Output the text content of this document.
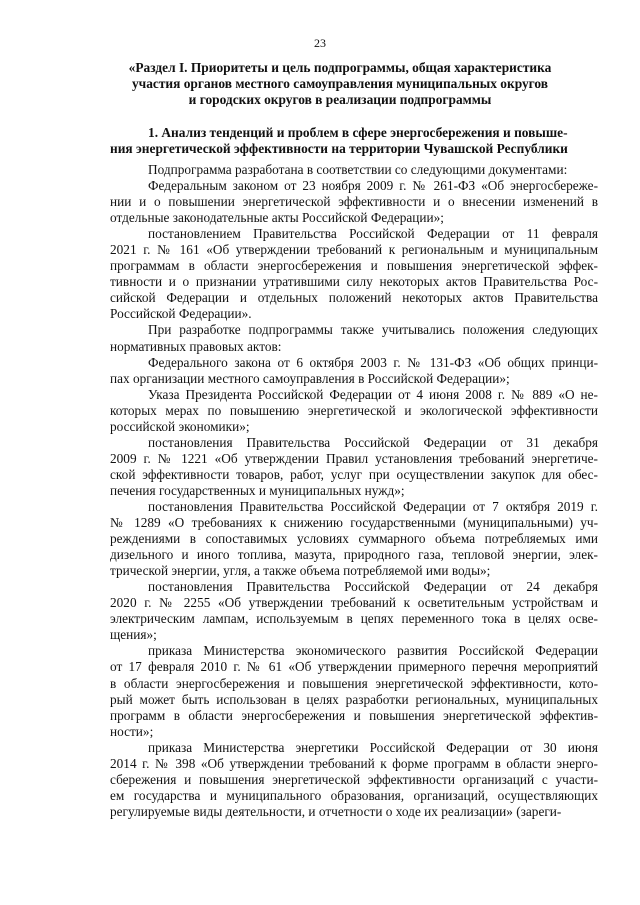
23
«Раздел I. Приоритеты и цель подпрограммы, общая характеристика
участия органов местного самоуправления муниципальных округов
и городских округов в реализации подпрограммы
1. Анализ тенденций и проблем в сфере энергосбережения и повыше-
ния энергетической эффективности на территории Чувашской Республики
Подпрограмма разработана в соответствии со следующими документами:
Федеральным законом от 23 ноября 2009 г. № 261-ФЗ «Об энергосбереже-
нии и о повышении энергетической эффективности и о внесении изменений в
отдельные законодательные акты Российской Федерации»;
постановлением Правительства Российской Федерации от 11 февраля
2021 г. № 161 «Об утверждении требований к региональным и муниципальным
программам в области энергосбережения и повышения энергетической эффек-
тивности и о признании утратившими силу некоторых актов Правительства Рос-
сийской Федерации и отдельных положений некоторых актов Правительства
Российской Федерации».
При разработке подпрограммы также учитывались положения следующих
нормативных правовых актов:
Федерального закона от 6 октября 2003 г. № 131-ФЗ «Об общих принци-
пах организации местного самоуправления в Российской Федерации»;
Указа Президента Российской Федерации от 4 июня 2008 г. № 889 «О не-
которых мерах по повышению энергетической и экологической эффективности
российской экономики»;
постановления Правительства Российской Федерации от 31 декабря
2009 г. № 1221 «Об утверждении Правил установления требований энергетиче-
ской эффективности товаров, работ, услуг при осуществлении закупок для обес-
печения государственных и муниципальных нужд»;
постановления Правительства Российской Федерации от 7 октября 2019 г.
№ 1289 «О требованиях к снижению государственными (муниципальными) уч-
реждениями в сопоставимых условиях суммарного объема потребляемых ими
дизельного и иного топлива, мазута, природного газа, тепловой энергии, элек-
трической энергии, угля, а также объема потребляемой ими воды»;
постановления Правительства Российской Федерации от 24 декабря
2020 г. № 2255 «Об утверждении требований к осветительным устройствам и
электрическим лампам, используемым в цепях переменного тока в целях осве-
щения»;
приказа Министерства экономического развития Российской Федерации
от 17 февраля 2010 г. № 61 «Об утверждении примерного перечня мероприятий
в области энергосбережения и повышения энергетической эффективности, кото-
рый может быть использован в целях разработки региональных, муниципальных
программ в области энергосбережения и повышения энергетической эффектив-
ности»;
приказа Министерства энергетики Российской Федерации от 30 июня
2014 г. № 398 «Об утверждении требований к форме программ в области энерго-
сбережения и повышения энергетической эффективности организаций с участи-
ем государства и муниципального образования, организаций, осуществляющих
регулируемые виды деятельности, и отчетности о ходе их реализации» (зареги-
